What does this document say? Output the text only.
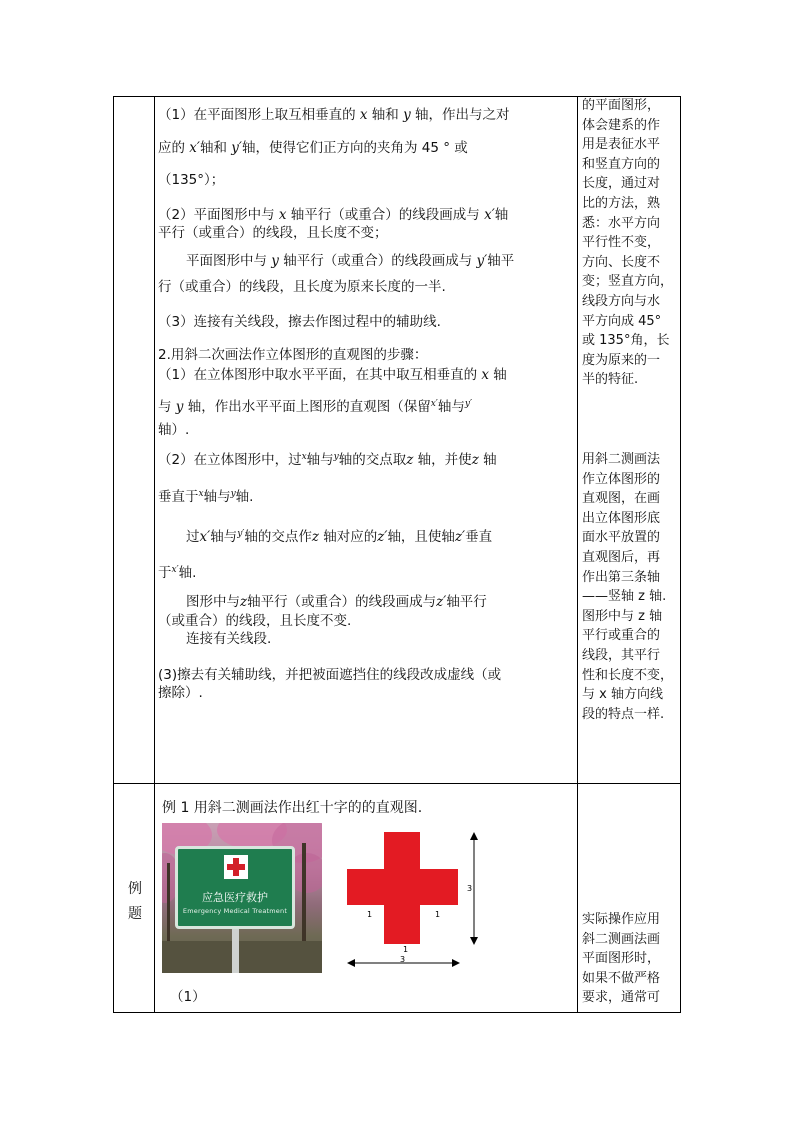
（1）在平面图形上取互相垂直的 x 轴和 y 轴，作出与之对

应的 x′轴和 y′轴，使得它们正方向的夹角为 45 ° 或

（135°）；

（2）平面图形中与 x 轴平行（或重合）的线段画成与 x′轴

平行（或重合）的线段，且长度不变；

平面图形中与 y 轴平行（或重合）的线段画成与 y′轴平

行（或重合）的线段，且长度为原来长度的一半.

（3）连接有关线段，擦去作图过程中的辅助线.

2.用斜二次画法作立体图形的直观图的步骤：

（1）在立体图形中取水平平面，在其中取互相垂直的 x 轴

与 y 轴，作出水平平面上图形的直观图（保留$^{x'}$轴与$^{y'}$

轴）.

（2）在立体图形中，过$^x$轴与$^y$轴的交点取z 轴，并使z 轴

垂直于$^x$轴与$^y$轴.

过x′轴与$^{y'}$轴的交点作z 轴对应的z′轴，且使轴z′垂直

于$^{x'}$轴.

图形中与z轴平行（或重合）的线段画成与z′轴平行

（或重合）的线段，且长度不变.

连接有关线段.

(3)擦去有关辅助线，并把被面遮挡住的线段改成虚线（或

擦除）.

的平面图形，

体会建系的作

用是表征水平

和竖直方向的

长度，通过对

比的方法，熟

悉：水平方向

平行性不变，

方向、长度不

变；竖直方向，

线段方向与水

平方向成 45°

或 135°角，长

度为原来的一

半的特征.

用斜二测画法

作立体图形的

直观图，在画

出立体图形底

面水平放置的

直观图后，再

作出第三条轴

——竖轴 z 轴.

图形中与 z 轴

平行或重合的

线段，其平行

性和长度不变，

与 x 轴方向线

段的特点一样.

实际操作应用

斜二测画法画

平面图形时，

如果不做严格

要求，通常可

例
题
例 1 用斜二测画法作出红十字的的直观图.
应急医疗救护
Emergency Medical Treatment
3
3
1	1
1
（1）
